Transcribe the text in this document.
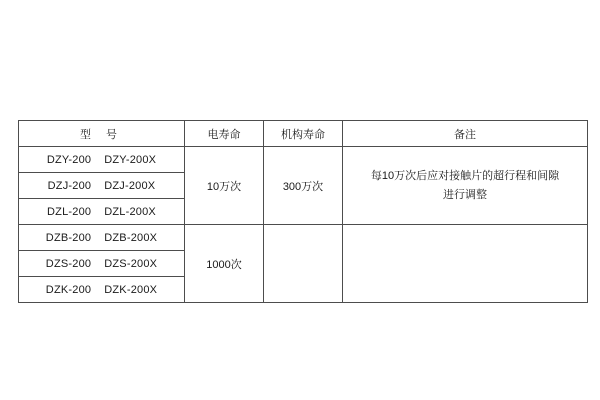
型 号	电寿命	机构寿命	备注
DZY-200    DZY-200X	10万次	300万次	每10万次后应对接触片的超行程和间隙
进行调整

DZJ-200    DZJ-200X			
DZL-200    DZL-200X			
DZB-200    DZB-200X	1000次		
DZS-200    DZS-200X			
DZK-200    DZK-200X			
